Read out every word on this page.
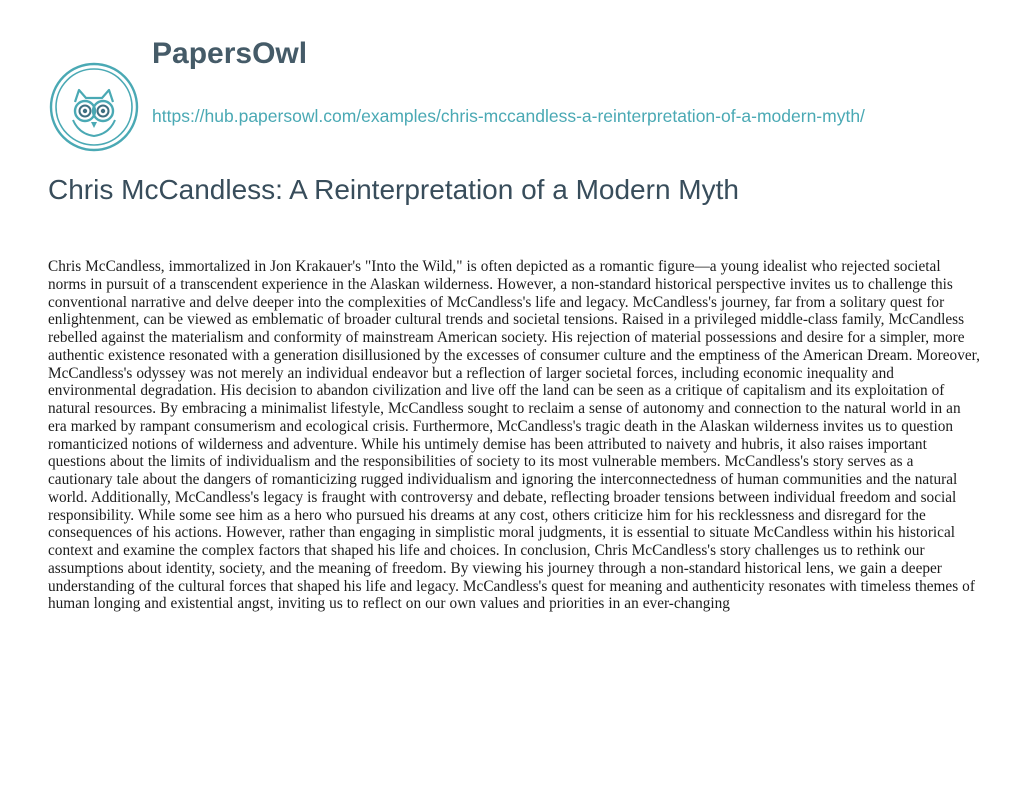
PapersOwl
https://hub.papersowl.com/examples/chris-mccandless-a-reinterpretation-of-a-modern-myth/
Chris McCandless: A Reinterpretation of a Modern Myth

Chris McCandless, immortalized in Jon Krakauer's "Into the Wild," is often depicted as a romantic figure—a young idealist who rejected societal norms in pursuit of a transcendent experience in the Alaskan wilderness. However, a non-standard historical perspective invites us to challenge this conventional narrative and delve deeper into the complexities of McCandless's life and legacy. McCandless's journey, far from a solitary quest for enlightenment, can be viewed as emblematic of broader cultural trends and societal tensions. Raised in a privileged middle-class family, McCandless rebelled against the materialism and conformity of mainstream American society. His rejection of material possessions and desire for a simpler, more authentic existence resonated with a generation disillusioned by the excesses of consumer culture and the emptiness of the American Dream. Moreover, McCandless's odyssey was not merely an individual endeavor but a reflection of larger societal forces, including economic inequality and environmental degradation. His decision to abandon civilization and live off the land can be seen as a critique of capitalism and its exploitation of natural resources. By embracing a minimalist lifestyle, McCandless sought to reclaim a sense of autonomy and connection to the natural world in an era marked by rampant consumerism and ecological crisis. Furthermore, McCandless's tragic death in the Alaskan wilderness invites us to question romanticized notions of wilderness and adventure. While his untimely demise has been attributed to naivety and hubris, it also raises important questions about the limits of individualism and the responsibilities of society to its most vulnerable members. McCandless's story serves as a cautionary tale about the dangers of romanticizing rugged individualism and ignoring the interconnectedness of human communities and the natural world. Additionally, McCandless's legacy is fraught with controversy and debate, reflecting broader tensions between individual freedom and social responsibility. While some see him as a hero who pursued his dreams at any cost, others criticize him for his recklessness and disregard for the consequences of his actions. However, rather than engaging in simplistic moral judgments, it is essential to situate McCandless within his historical context and examine the complex factors that shaped his life and choices. In conclusion, Chris McCandless's story challenges us to rethink our assumptions about identity, society, and the meaning of freedom. By viewing his journey through a non-standard historical lens, we gain a deeper understanding of the cultural forces that shaped his life and legacy. McCandless's quest for meaning and authenticity resonates with timeless themes of human longing and existential angst, inviting us to reflect on our own values and priorities in an ever-changing
